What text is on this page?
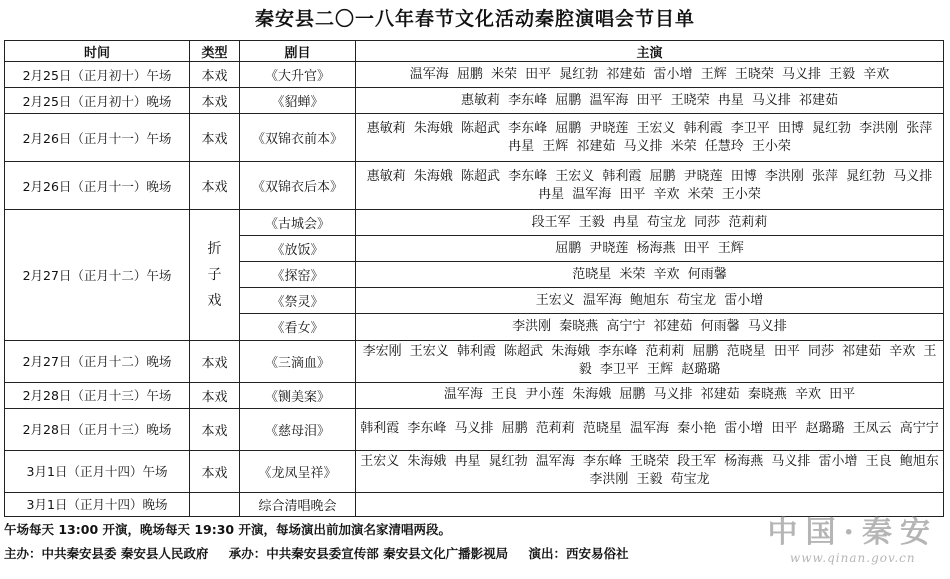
秦安县二〇一八年春节文化活动秦腔演唱会节目单
时间	类型	剧目	主演
2月25日（正月初十）午场	本戏	《大升官》	温军海 屈鹏 米荣 田平 晁红勃 祁建茹 雷小增 王辉 王晓荣 马义排 王毅 辛欢
2月25日（正月初十）晚场	本戏	《貂蝉》	惠敏莉 李东峰 屈鹏 温军海 田平 王晓荣 冉星 马义排 祁建茹
2月26日（正月十一）午场	本戏	《双锦衣前本》	惠敏莉 朱海娥 陈超武 李东峰 屈鹏 尹晓莲 王宏义 韩利霞 李卫平 田博 晁红勃 李洪刚 张萍 冉星 王辉 祁建茹 马义排 米荣 任慧玲 王小荣
2月26日（正月十一）晚场	本戏	《双锦衣后本》	惠敏莉 朱海娥 陈超武 李东峰 王宏义 韩利霞 屈鹏 尹晓莲 田博 李洪刚 张萍 晁红勃 马义排 冉星 温军海 田平 辛欢 米荣 王小荣
2月27日（正月十二）午场	折子戏	《古城会》	段王军 王毅 冉星 苟宝龙 同莎 范莉莉
		《放饭》	屈鹏 尹晓莲 杨海燕 田平 王辉
		《探窑》	范晓星 米荣 辛欢 何雨馨
		《祭灵》	王宏义 温军海 鲍旭东 苟宝龙 雷小增
		《看女》	李洪刚 秦晓燕 高宁宁 祁建茹 何雨馨 马义排
2月27日（正月十二）晚场	本戏	《三滴血》	李宏刚 王宏义 韩利霞 陈超武 朱海娥 李东峰 范莉莉 屈鹏 范晓星 田平 同莎 祁建茹 辛欢 王毅 李卫平 王辉 赵璐璐
2月28日（正月十三）午场	本戏	《铡美案》	温军海 王良 尹小莲 朱海娥 屈鹏 马义排 祁建茹 秦晓燕 辛欢 田平
2月28日（正月十三）晚场	本戏	《慈母泪》	韩利霞 李东峰 马义排 屈鹏 范莉莉 范晓星 温军海 秦小艳 雷小增 田平 赵璐璐 王凤云 高宁宁
3月1日（正月十四）午场	本戏	《龙凤呈祥》	王宏义 朱海娥 冉星 晁红勃 温军海 李东峰 王晓荣 段王军 杨海燕 马义排 雷小增 王良 鲍旭东 李洪刚 王毅 苟宝龙
3月1日（正月十四）晚场		综合清唱晚会	
午场每天 13:00 开演，晚场每天 19:30 开演，每场演出前加演名家清唱两段。
主办：中共秦安县委 秦安县人民政府 承办：中共秦安县委宣传部 秦安县文化广播影视局 演出：西安易俗社
中国·秦安
www.qinan.gov.cn
